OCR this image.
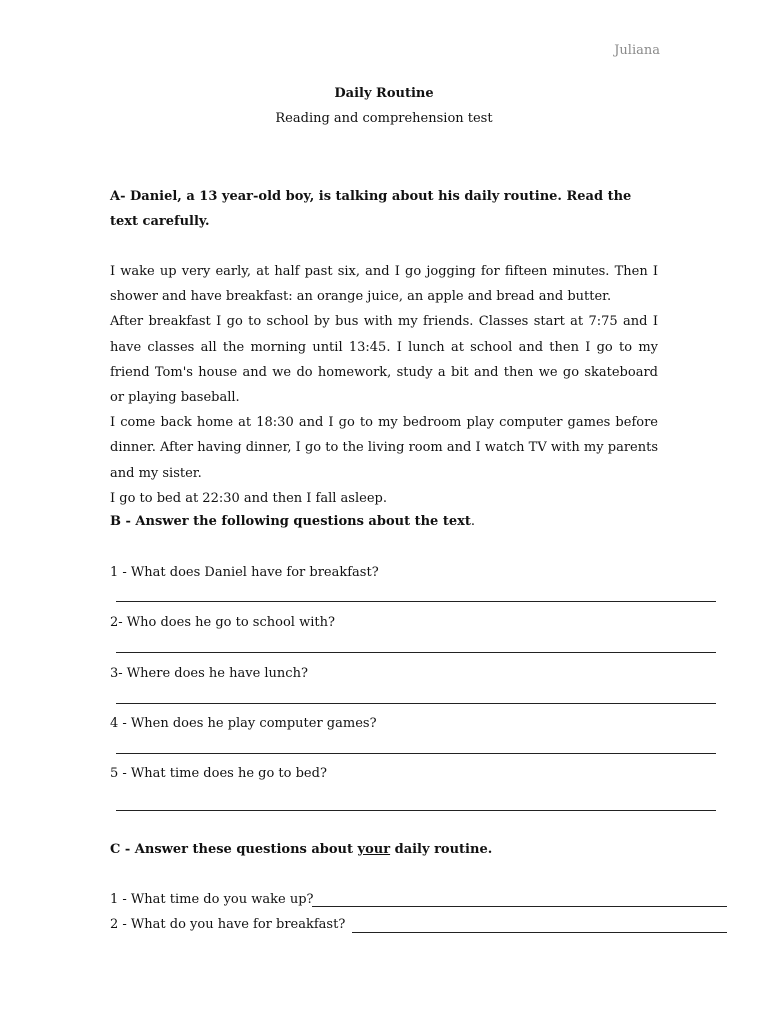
Juliana
Daily Routine
Reading and comprehension test
A- Daniel, a 13 year-old boy, is talking about his daily routine. Read the text carefully.

I wake up very early, at half past six, and I go jogging for fifteen minutes. Then I shower and have breakfast: an orange juice, an apple and bread and butter.

After breakfast I go to school by bus with my friends. Classes start at 7:75 and I have classes all the morning until 13:45. I lunch at school and then I go to my friend Tom's house and we do homework, study a bit and then we go skateboard or playing baseball.

I come back home at 18:30 and I go to my bedroom play computer games before dinner. After having dinner, I go to the living room and I watch TV with my parents and my sister.

I go to bed at 22:30 and then I fall asleep.

B - Answer the following questions about the text.
1 - What does Daniel have for breakfast?
2- Who does he go to school with?
3- Where does he have lunch?
4 - When does he play computer games?
5 - What time does he go to bed?
C - Answer these questions about your daily routine.
1 - What time do you wake up?
2 - What do you have for breakfast?
